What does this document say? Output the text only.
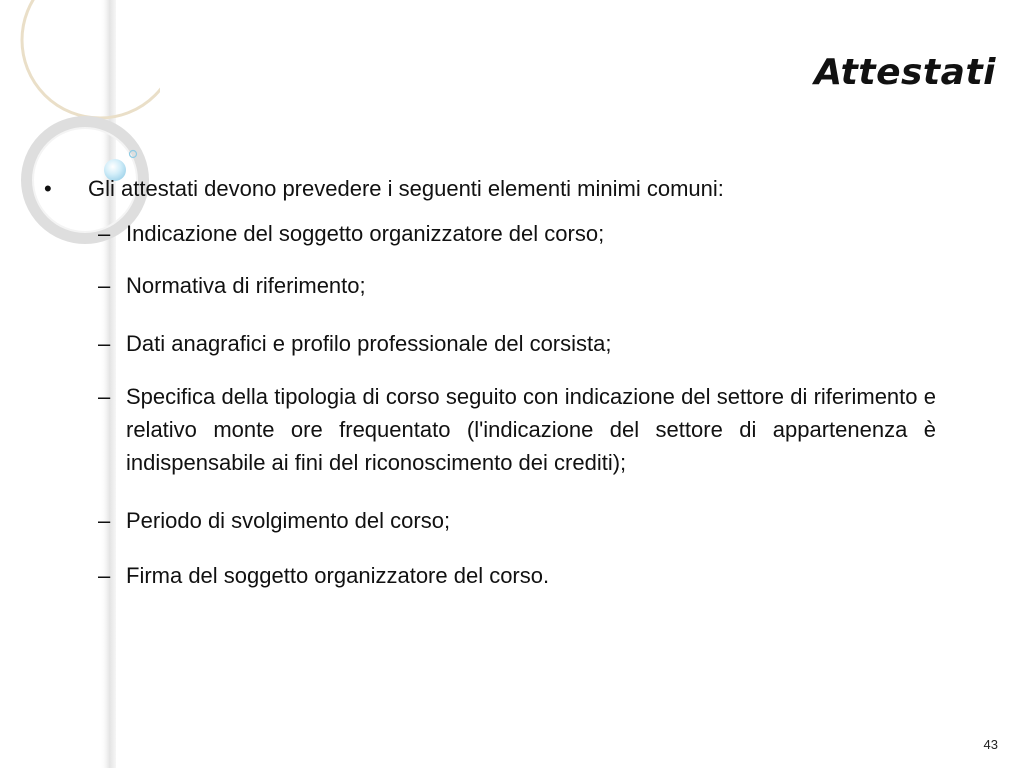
Attestati
• Gli attestati devono prevedere i seguenti elementi minimi comuni:
– Indicazione del soggetto organizzatore del corso;
– Normativa di riferimento;
– Dati anagrafici e profilo professionale del corsista;
– Specifica della tipologia di corso seguito con indicazione del settore di riferimento e relativo monte ore frequentato (l'indicazione del settore di appartenenza è indispensabile ai fini del riconoscimento dei crediti);
– Periodo di svolgimento del corso;
– Firma del soggetto organizzatore del corso.
43
